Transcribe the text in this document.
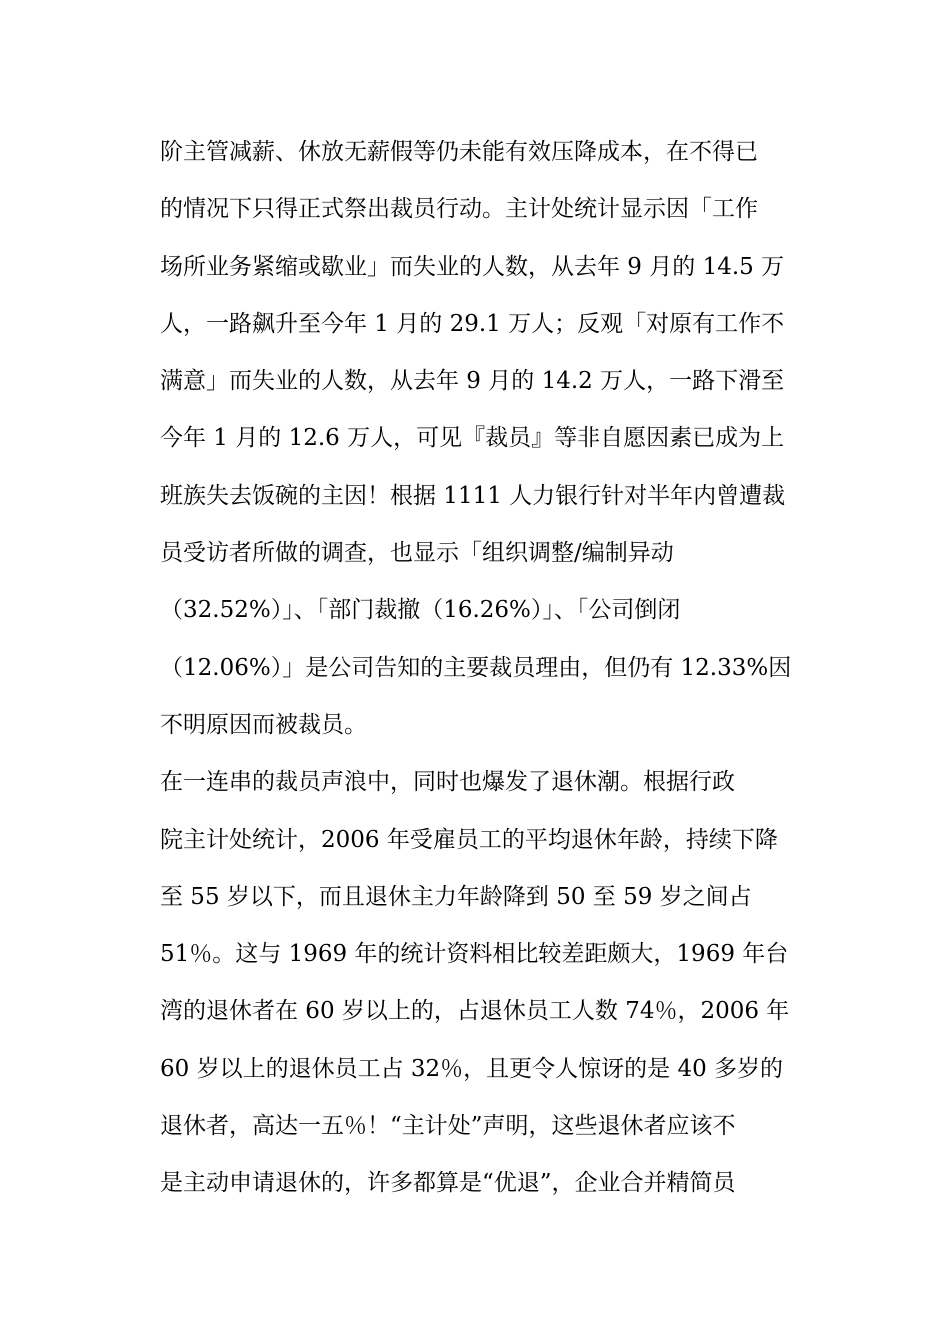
阶主管减薪、休放无薪假等仍未能有效压降成本，在不得已

的情况下只得正式祭出裁员行动。主计处统计显示因「工作

场所业务紧缩或歇业」而失业的人数，从去年 9 月的 14.5 万

人，一路飙升至今年 1 月的 29.1 万人；反观「对原有工作不

满意」而失业的人数，从去年 9 月的 14.2 万人，一路下滑至

今年 1 月的 12.6 万人，可见『裁员』等非自愿因素已成为上

班族失去饭碗的主因！根据 1111 人力银行针对半年内曾遭裁

员受访者所做的调查，也显示「组织调整/编制异动

（32.52%）」、「部门裁撤（16.26%）」、「公司倒闭

（12.06%）」是公司告知的主要裁员理由，但仍有 12.33%因

不明原因而被裁员。

在一连串的裁员声浪中，同时也爆发了退休潮。根据行政

院主计处统计，2006 年受雇员工的平均退休年龄，持续下降

至 55 岁以下，而且退休主力年龄降到 50 至 59 岁之间占

51％。这与 1969 年的统计资料相比较差距颇大，1969 年台

湾的退休者在 60 岁以上的，占退休员工人数 74％，2006 年

60 岁以上的退休员工占 32％，且更令人惊讶的是 40 多岁的

退休者，高达一五％！“主计处”声明，这些退休者应该不

是主动申请退休的，许多都算是“优退”，企业合并精简员
